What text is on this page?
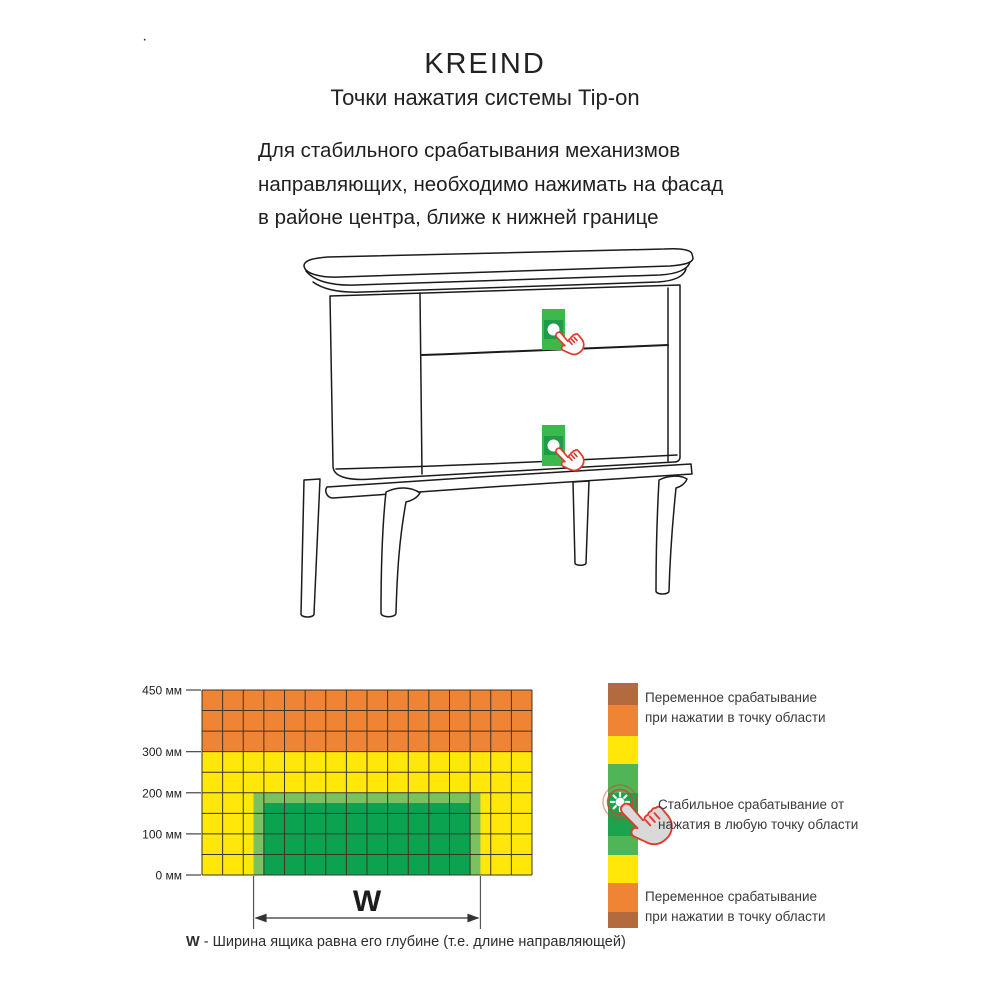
·
KREIND
Точки нажатия системы Tip-on
Для стабильного срабатывания механизмов
направляющих, необходимо нажимать на фасад
в районе центра, ближе к нижней границе
450 мм
300 мм
200 мм
100 мм
0 мм
W
Переменное срабатывание
при нажатии в точку области
Стабильное срабатывание от
нажатия в любую точку области
Переменное срабатывание
при нажатии в точку области
W - Ширина ящика равна его глубине (т.е. длине направляющей)
